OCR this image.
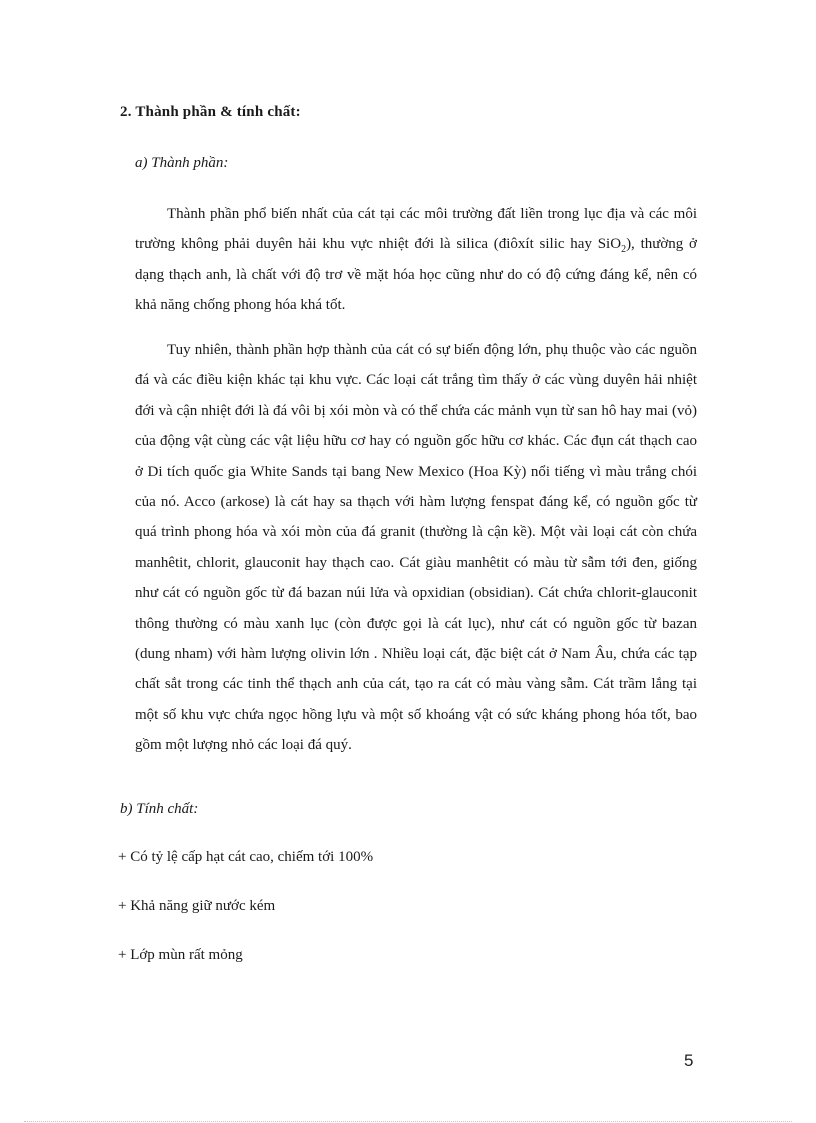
2. Thành phần & tính chất:
a) Thành phần:

Thành phần phổ biến nhất của cát tại các môi trường đất liền trong lục địa và các môi trường không phải duyên hải khu vực nhiệt đới là silica (điôxít silic hay SiO$_2$), thường ở dạng thạch anh, là chất với độ trơ về mặt hóa học cũng như do có độ cứng đáng kể, nên có khả năng chống phong hóa khá tốt.

Tuy nhiên, thành phần hợp thành của cát có sự biến động lớn, phụ thuộc vào các nguồn đá và các điều kiện khác tại khu vực. Các loại cát trắng tìm thấy ở các vùng duyên hải nhiệt đới và cận nhiệt đới là đá vôi bị xói mòn và có thể chứa các mảnh vụn từ san hô hay mai (vỏ) của động vật cùng các vật liệu hữu cơ hay có nguồn gốc hữu cơ khác. Các đụn cát thạch cao ở Di tích quốc gia White Sands tại bang New Mexico (Hoa Kỳ) nổi tiếng vì màu trắng chói của nó. Acco (arkose) là cát hay sa thạch với hàm lượng fenspat đáng kể, có nguồn gốc từ quá trình phong hóa và xói mòn của đá granit (thường là cận kề). Một vài loại cát còn chứa manhêtit, chlorit, glauconit hay thạch cao. Cát giàu manhêtit có màu từ sẫm tới đen, giống như cát có nguồn gốc từ đá bazan núi lửa và opxidian (obsidian). Cát chứa chlorit-glauconit thông thường có màu xanh lục (còn được gọi là cát lục), như cát có nguồn gốc từ bazan (dung nham) với hàm lượng olivin lớn . Nhiều loại cát, đặc biệt cát ở Nam Âu, chứa các tạp chất sắt trong các tinh thể thạch anh của cát, tạo ra cát có màu vàng sẫm. Cát trầm lắng tại một số khu vực chứa ngọc hồng lựu và một số khoáng vật có sức kháng phong hóa tốt, bao gồm một lượng nhỏ các loại đá quý.

b) Tính chất:
+ Có tỷ lệ cấp hạt cát cao, chiếm tới 100%
+ Khả năng giữ nước kém
+ Lớp mùn rất mỏng
5
